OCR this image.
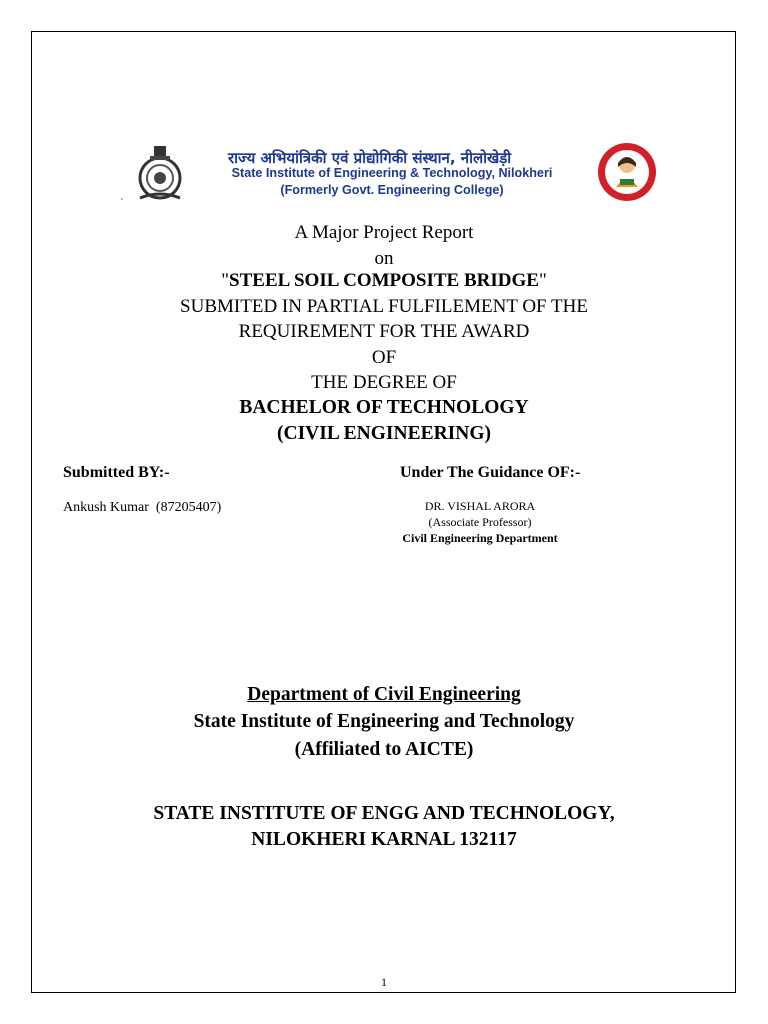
राज्य अभियांत्रिकी एवं प्रोद्योगिकी संस्थान, नीलोखेड़ी
State Institute of Engineering & Technology, Nilokheri
(Formerly Govt. Engineering College)
`
A Major Project Report
on
"STEEL SOIL COMPOSITE BRIDGE"
SUBMITED IN PARTIAL FULFILEMENT OF THE
REQUIREMENT FOR THE AWARD
OF
THE DEGREE OF
BACHELOR OF TECHNOLOGY
(CIVIL ENGINEERING)
Submitted BY:-	Under The Guidance OF:-
Ankush Kumar  (87205407)	DR. VISHAL ARORA
(Associate Professor)
Civil Engineering Department
Department of Civil Engineering
State Institute of Engineering and Technology
(Affiliated to AICTE)
STATE INSTITUTE OF ENGG AND TECHNOLOGY,
NILOKHERI KARNAL 132117
1
